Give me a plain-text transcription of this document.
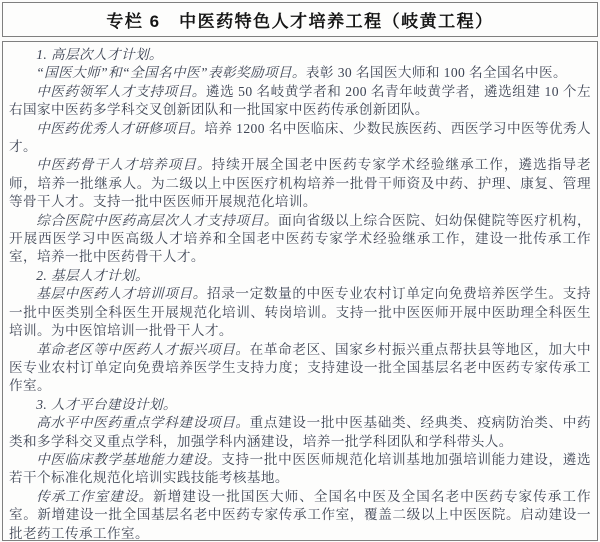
专栏 6　中医药特色人才培养工程（岐黄工程）

1. 高层次人才计划。

“国医大师”和“全国名中医”表彰奖励项目。表彰 30 名国医大师和 100 名全国名中医。

中医药领军人才支持项目。遴选 50 名岐黄学者和 200 名青年岐黄学者，遴选组建 10 个左右国家中医药多学科交叉创新团队和一批国家中医药传承创新团队。

中医药优秀人才研修项目。培养 1200 名中医临床、少数民族医药、西医学习中医等优秀人才。

中医药骨干人才培养项目。持续开展全国老中医药专家学术经验继承工作，遴选指导老师，培养一批继承人。为二级以上中医医疗机构培养一批骨干师资及中药、护理、康复、管理等骨干人才。支持一批中医医师开展规范化培训。

综合医院中医药高层次人才支持项目。面向省级以上综合医院、妇幼保健院等医疗机构，开展西医学习中医高级人才培养和全国老中医药专家学术经验继承工作，建设一批传承工作室，培养一批中医药骨干人才。

2. 基层人才计划。

基层中医药人才培训项目。招录一定数量的中医专业农村订单定向免费培养医学生。支持一批中医类别全科医生开展规范化培训、转岗培训。支持一批中医医师开展中医助理全科医生培训。为中医馆培训一批骨干人才。

革命老区等中医药人才振兴项目。在革命老区、国家乡村振兴重点帮扶县等地区，加大中医专业农村订单定向免费培养医学生支持力度；支持建设一批全国基层名老中医药专家传承工作室。

3. 人才平台建设计划。

高水平中医药重点学科建设项目。重点建设一批中医基础类、经典类、疫病防治类、中药类和多学科交叉重点学科，加强学科内涵建设，培养一批学科团队和学科带头人。

中医临床教学基地能力建设。支持一批中医医师规范化培训基地加强培训能力建设，遴选若干个标准化规范化培训实践技能考核基地。

传承工作室建设。新增建设一批国医大师、全国名中医及全国名老中医药专家传承工作室。新增建设一批全国基层名老中医药专家传承工作室，覆盖二级以上中医医院。启动建设一批老药工传承工作室。
